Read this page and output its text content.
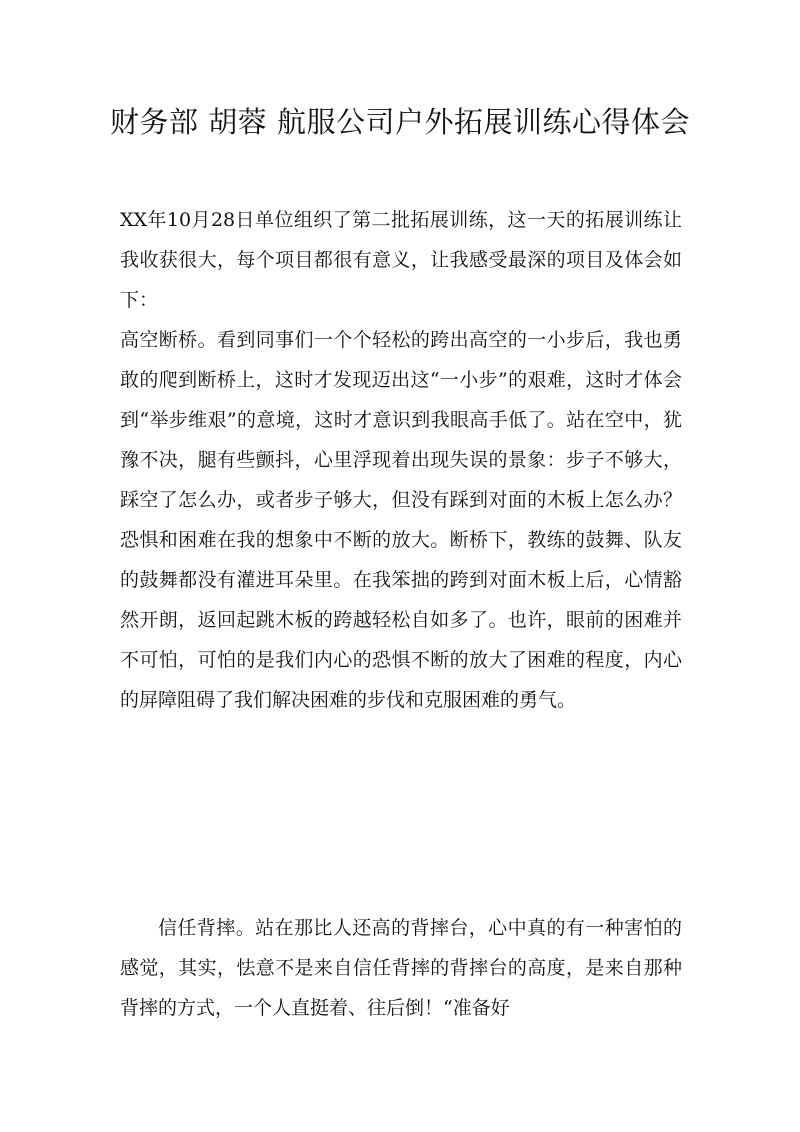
财务部 胡蓉 航服公司户外拓展训练心得体会

XX年10月28日单位组织了第二批拓展训练，这一天的拓展训练让我收获很大，每个项目都很有意义，让我感受最深的项目及体会如下：

高空断桥。看到同事们一个个轻松的跨出高空的一小步后，我也勇敢的爬到断桥上，这时才发现迈出这“一小步”的艰难，这时才体会到“举步维艰”的意境，这时才意识到我眼高手低了。站在空中，犹豫不决，腿有些颤抖，心里浮现着出现失误的景象：步子不够大，踩空了怎么办，或者步子够大，但没有踩到对面的木板上怎么办？恐惧和困难在我的想象中不断的放大。断桥下，教练的鼓舞、队友的鼓舞都没有灌进耳朵里。在我笨拙的跨到对面木板上后，心情豁然开朗，返回起跳木板的跨越轻松自如多了。也许，眼前的困难并不可怕，可怕的是我们内心的恐惧不断的放大了困难的程度，内心的屏障阻碍了我们解决困难的步伐和克服困难的勇气。

信任背摔。站在那比人还高的背摔台，心中真的有一种害怕的感觉，其实，怯意不是来自信任背摔的背摔台的高度，是来自那种背摔的方式，一个人直挺着、往后倒！“准备好
